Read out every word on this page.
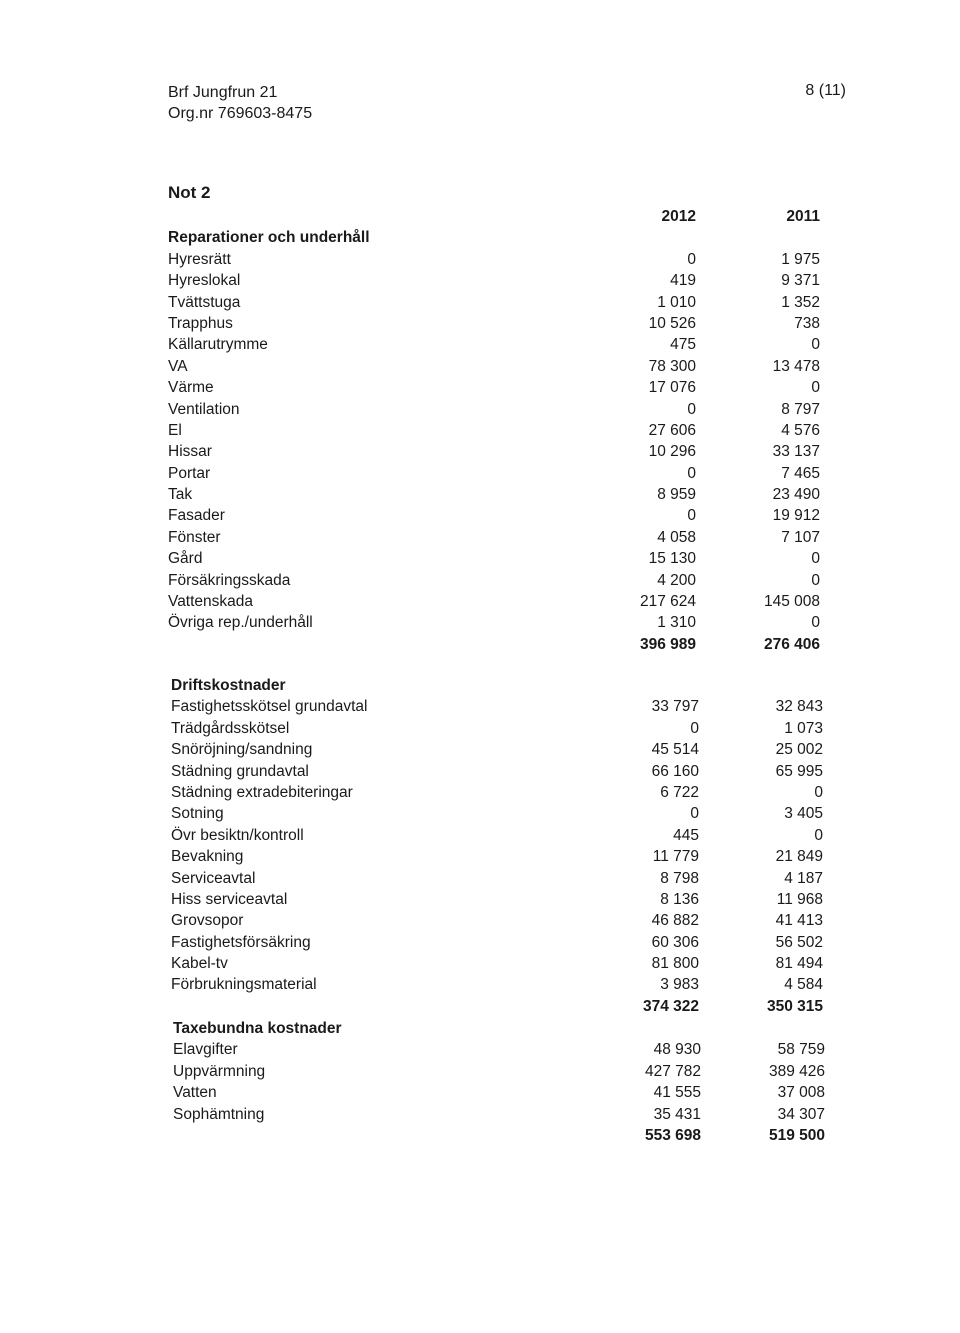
Brf Jungfrun 21
Org.nr 769603-8475
8 (11)
Not 2
2012	2011
Reparationer och underhåll
Hyresrätt	0	1 975
Hyreslokal	419	9 371
Tvättstuga	1 010	1 352
Trapphus	10 526	738
Källarutrymme	475	0
VA	78 300	13 478
Värme	17 076	0
Ventilation	0	8 797
El	27 606	4 576
Hissar	10 296	33 137
Portar	0	7 465
Tak	8 959	23 490
Fasader	0	19 912
Fönster	4 058	7 107
Gård	15 130	0
Försäkringsskada	4 200	0
Vattenskada	217 624	145 008
Övriga rep./underhåll	1 310	0
396 989	276 406
Driftskostnader
Fastighetsskötsel grundavtal	33 797	32 843
Trädgårdsskötsel	0	1 073
Snöröjning/sandning	45 514	25 002
Städning grundavtal	66 160	65 995
Städning extradebiteringar	6 722	0
Sotning	0	3 405
Övr besiktn/kontroll	445	0
Bevakning	11 779	21 849
Serviceavtal	8 798	4 187
Hiss serviceavtal	8 136	11 968
Grovsopor	46 882	41 413
Fastighetsförsäkring	60 306	56 502
Kabel-tv	81 800	81 494
Förbrukningsmaterial	3 983	4 584
374 322	350 315
Taxebundna kostnader
Elavgifter	48 930	58 759
Uppvärmning	427 782	389 426
Vatten	41 555	37 008
Sophämtning	35 431	34 307
553 698	519 500
